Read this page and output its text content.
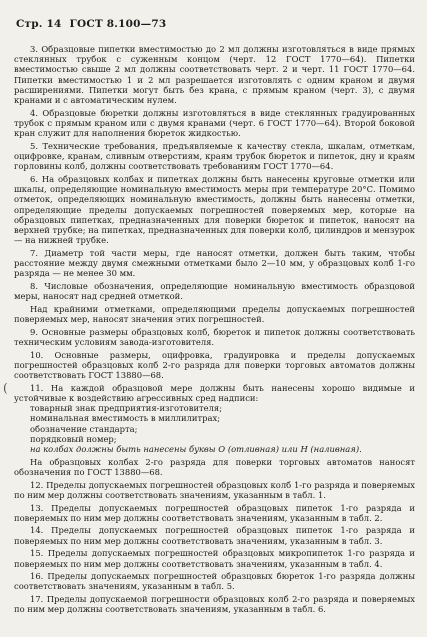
Стр. 14 ГОСТ 8.100—73
(

3. Образцовые пипетки вместимостью до 2 мл должны изготовляться в виде прямых стеклянных трубок с суженным концом (черт. 12 ГОСТ 1770—64). Пипетки вместимостью свыше 2 мл должны соответствовать черт. 2 и черт. 11 ГОСТ 1770—64. Пипетки вместимостью 1 и 2 мл разрешается изготовлять с одним краном и двумя расширениями. Пипетки могут быть без крана, с прямым краном (черт. 3), с двумя кранами и с автоматическим нулем.

4. Образцовые бюретки должны изготовляться в виде стеклянных градуированных трубок с прямым краном или с двумя кранами (черт. 6 ГОСТ 1770—64). Второй боковой кран служит для наполнения бюреток жидкостью.

5. Технические требования, предъявляемые к качеству стекла, шкалам, отметкам, оцифровке, кранам, сливным отверстиям, краям трубок бюреток и пипеток, дну и краям горловины колб, должны соответствовать требованиям ГОСТ 1770—64.

6. На образцовых колбах и пипетках должны быть нанесены круговые отметки или шкалы, определяющие номинальную вместимость меры при температуре 20°С. Помимо отметок, определяющих номинальную вместимость, должны быть нанесены отметки, определяющие пределы допускаемых погрешностей поверяемых мер, которые на образцовых пипетках, предназначенных для поверки бюреток и пипеток, наносят на верхней трубке; на пипетках, предназначенных для поверки колб, цилиндров и мензурок — на нижней трубке.

7. Диаметр той части меры, где наносят отметки, должен быть таким, чтобы расстояние между двумя смежными отметками было 2—10 мм, у образцовых колб 1-го разряда — не менее 30 мм.

8. Числовые обозначения, определяющие номинальную вместимость образцовой меры, наносят над средней отметкой.

Над крайними отметками, определяющими пределы допускаемых погрешностей поверяемых мер, наносят значения этих погрешностей.

9. Основные размеры образцовых колб, бюреток и пипеток должны соответствовать техническим условиям завода-изготовителя.

10. Основные размеры, оцифровка, градуировка и пределы допускаемых погрешностей образцовых колб 2-го разряда для поверки торговых автоматов должны соответствовать ГОСТ 13880—68.

11. На каждой образцовой мере должны быть нанесены хорошо видимые и устойчивые к воздействию агрессивных сред надписи:

товарный знак предприятия-изготовителя;

номинальная вместимость в миллилитрах;

обозначение стандарта;

порядковый номер;

на колбах должны быть нанесены буквы О (отливная) или Н (наливная).

На образцовых колбах 2-го разряда для поверки торговых автоматов наносят обозначения по ГОСТ 13880—68.

12. Пределы допускаемых погрешностей образцовых колб 1-го разряда и поверяемых по ним мер должны соответствовать значениям, указанным в табл. 1.

13. Пределы допускаемых погрешностей образцовых пипеток 1-го разряда и поверяемых по ним мер должны соответствовать значениям, указанным в табл. 2.

14. Пределы допускаемых погрешностей образцовых пипеток 1-го разряда и поверяемых по ним мер должны соответствовать значениям, указанным в табл. 3.

15. Пределы допускаемых погрешностей образцовых микропипеток 1-го разряда и поверяемых по ним мер должны соответствовать значениям, указанным в табл. 4.

16. Пределы допускаемых погрешностей образцовых бюреток 1-го разряда должны соответствовать значениям, указанным в табл. 5.

17. Пределы допускаемой погрешности образцовых колб 2-го разряда и поверяемых по ним мер должны соответствовать значениям, указанным в табл. 6.
